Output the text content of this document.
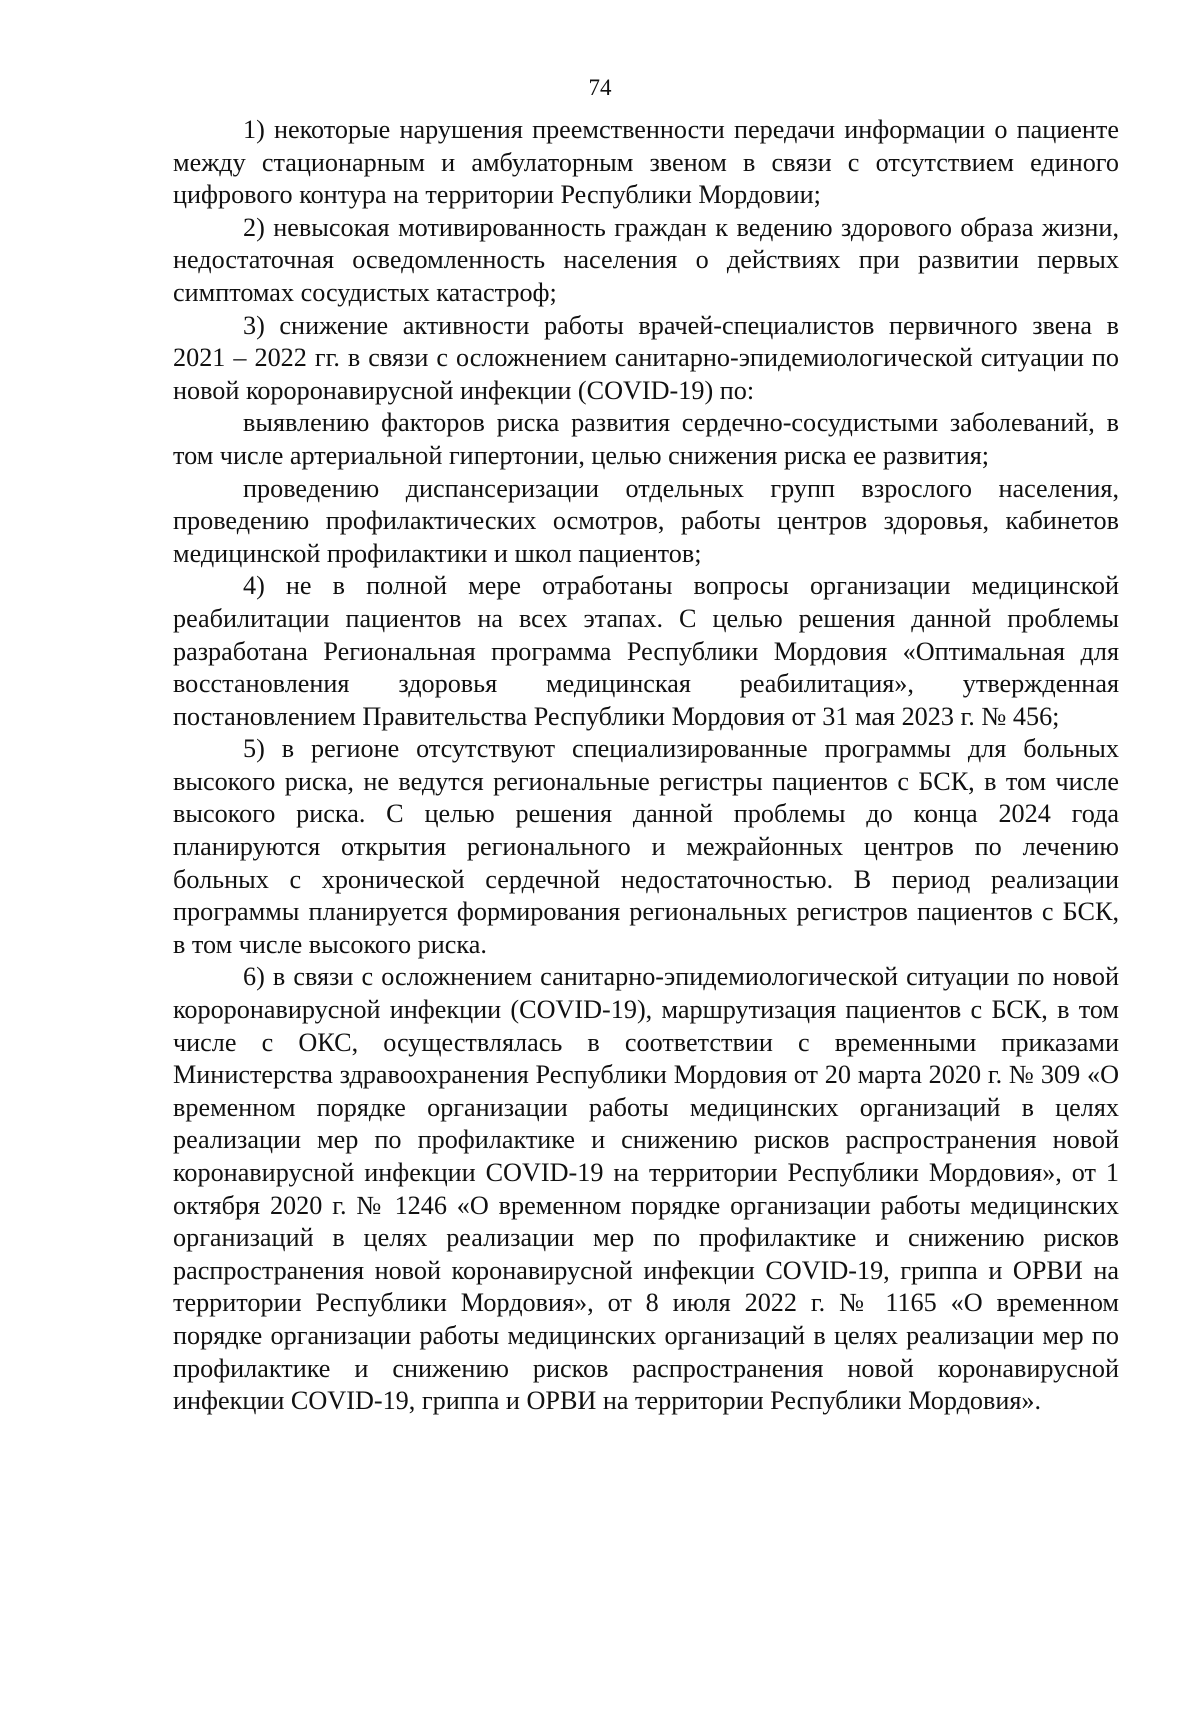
74

1) некоторые нарушения преемственности передачи информации о пациенте между стационарным и амбулаторным звеном в связи с отсутствием единого цифрового контура на территории Республики Мордовии;

2) невысокая мотивированность граждан к ведению здорового образа жизни, недостаточная осведомленность населения о действиях при развитии первых симптомах сосудистых катастроф;

3) снижение активности работы врачей-специалистов первичного звена в 2021 – 2022 гг. в связи с осложнением санитарно-эпидемиологической ситуации по новой корoронавирусной инфекции (COVID-19) по:

выявлению факторов риска развития сердечно-сосудистыми заболеваний, в том числе артериальной гипертонии, целью снижения риска ее развития;

проведению диспансеризации отдельных групп взрослого населения, проведению профилактических осмотров, работы центров здоровья, кабинетов медицинской профилактики и школ пациентов;

4) не в полной мере отработаны вопросы организации медицинской реабилитации пациентов на всех этапах. С целью решения данной проблемы разработана Региональная программа Республики Мордовия «Оптимальная для восстановления здоровья медицинская реабилитация», утвержденная постановлением Правительства Республики Мордовия от 31 мая 2023 г. № 456;

5) в регионе отсутствуют специализированные программы для больных высокого риска, не ведутся региональные регистры пациентов с БСК, в том числе высокого риска. С целью решения данной проблемы до конца 2024 года планируются открытия регионального и межрайонных центров по лечению больных с хронической сердечной недостаточностью. В период реализации программы планируется формирования региональных регистров пациентов с БСК, в том числе высокого риска.

6) в связи с осложнением санитарно-эпидемиологической ситуации по новой корoронавирусной инфекции (COVID-19), маршрутизация пациентов с БСК, в том числе с ОКС, осуществлялась в соответствии с временными приказами Министерства здравоохранения Республики Мордовия от 20 марта 2020 г. № 309 «О временном порядке организации работы медицинских организаций в целях реализации мер по профилактике и снижению рисков распространения новой коронавирусной инфекции COVID-19 на территории Республики Мордовия», от 1 октября 2020 г. № 1246 «О временном порядке организации работы медицинских организаций в целях реализации мер по профилактике и снижению рисков распространения новой коронавирусной инфекции COVID-19, гриппа и ОРВИ на территории Республики Мордовия», от 8 июля 2022 г. № 1165 «О временном порядке организации работы медицинских организаций в целях реализации мер по профилактике и снижению рисков распространения новой коронавирусной инфекции COVID-19, гриппа и ОРВИ на территории Республики Мордовия».
